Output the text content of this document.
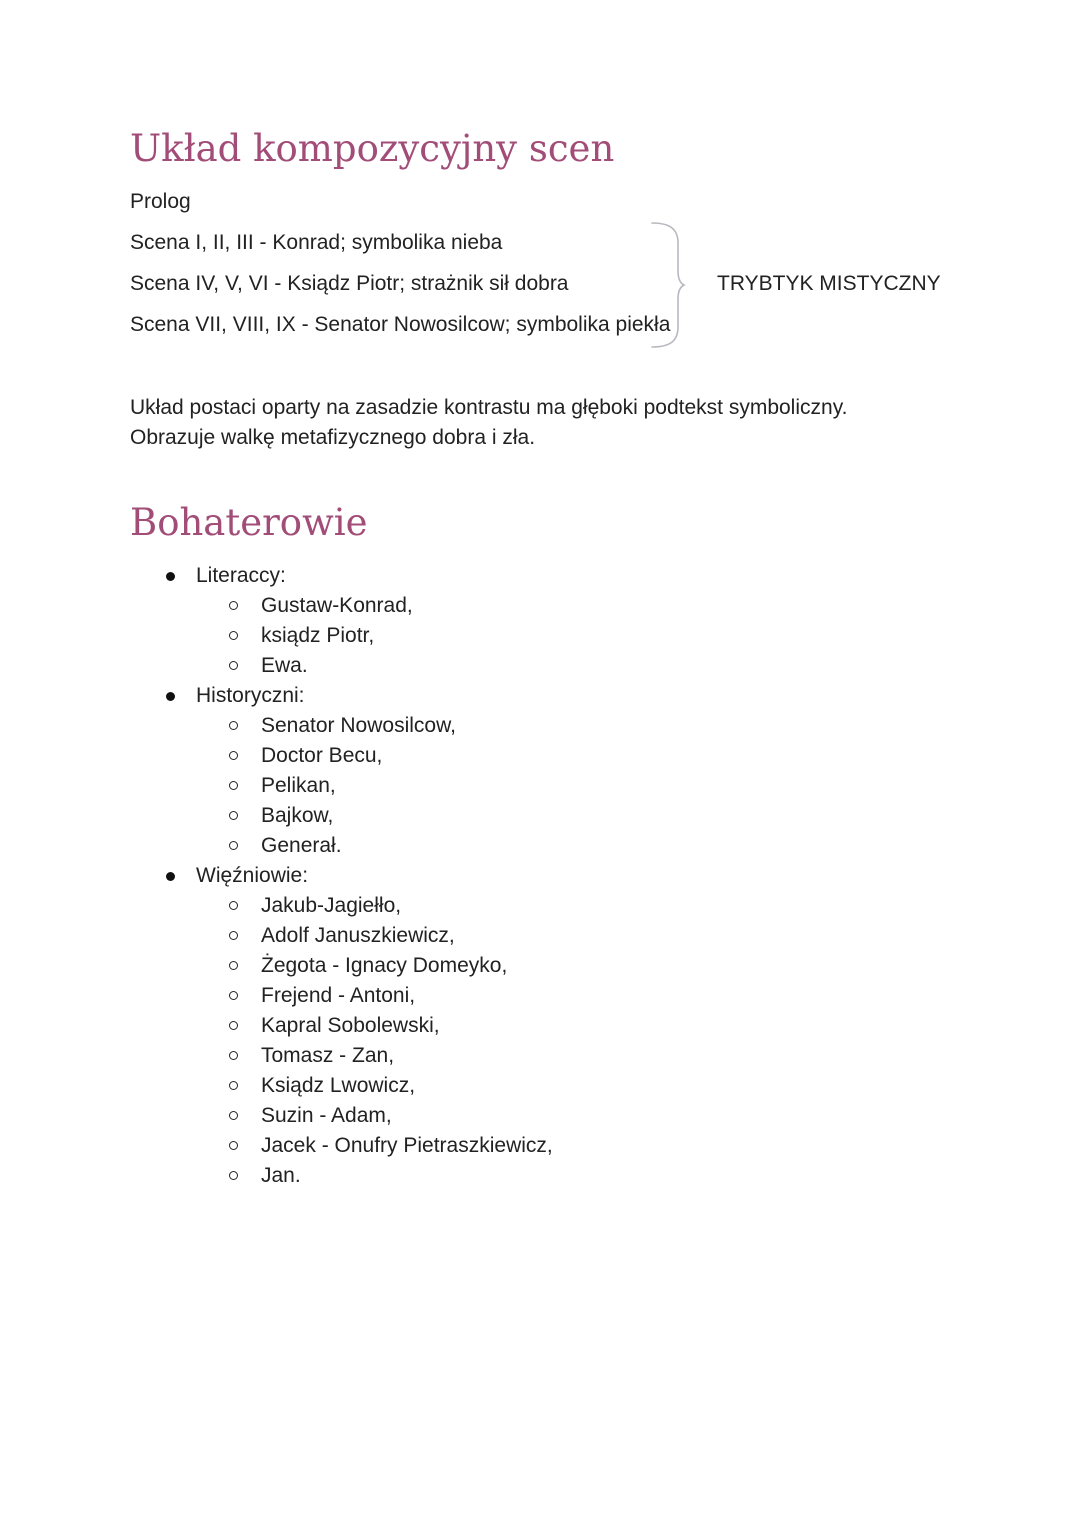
Układ kompozycyjny scen
Prolog
Scena I, II, III - Konrad; symbolika nieba
Scena IV, V, VI - Ksiądz Piotr; strażnik sił dobra
Scena VII, VIII, IX - Senator Nowosilcow; symbolika piekła
TRYBTYK MISTYCZNY
Układ postaci oparty na zasadzie kontrastu ma głęboki podtekst symboliczny.
Obrazuje walkę metafizycznego dobra i zła.
Bohaterowie
Literaccy:
Gustaw-Konrad,
ksiądz Piotr,
Ewa.
Historyczni:
Senator Nowosilcow,
Doctor Becu,
Pelikan,
Bajkow,
Generał.
Więźniowie:
Jakub-Jagiełło,
Adolf Januszkiewicz,
Żegota - Ignacy Domeyko,
Frejend - Antoni,
Kapral Sobolewski,
Tomasz - Zan,
Ksiądz Lwowicz,
Suzin - Adam,
Jacek - Onufry Pietraszkiewicz,
Jan.
